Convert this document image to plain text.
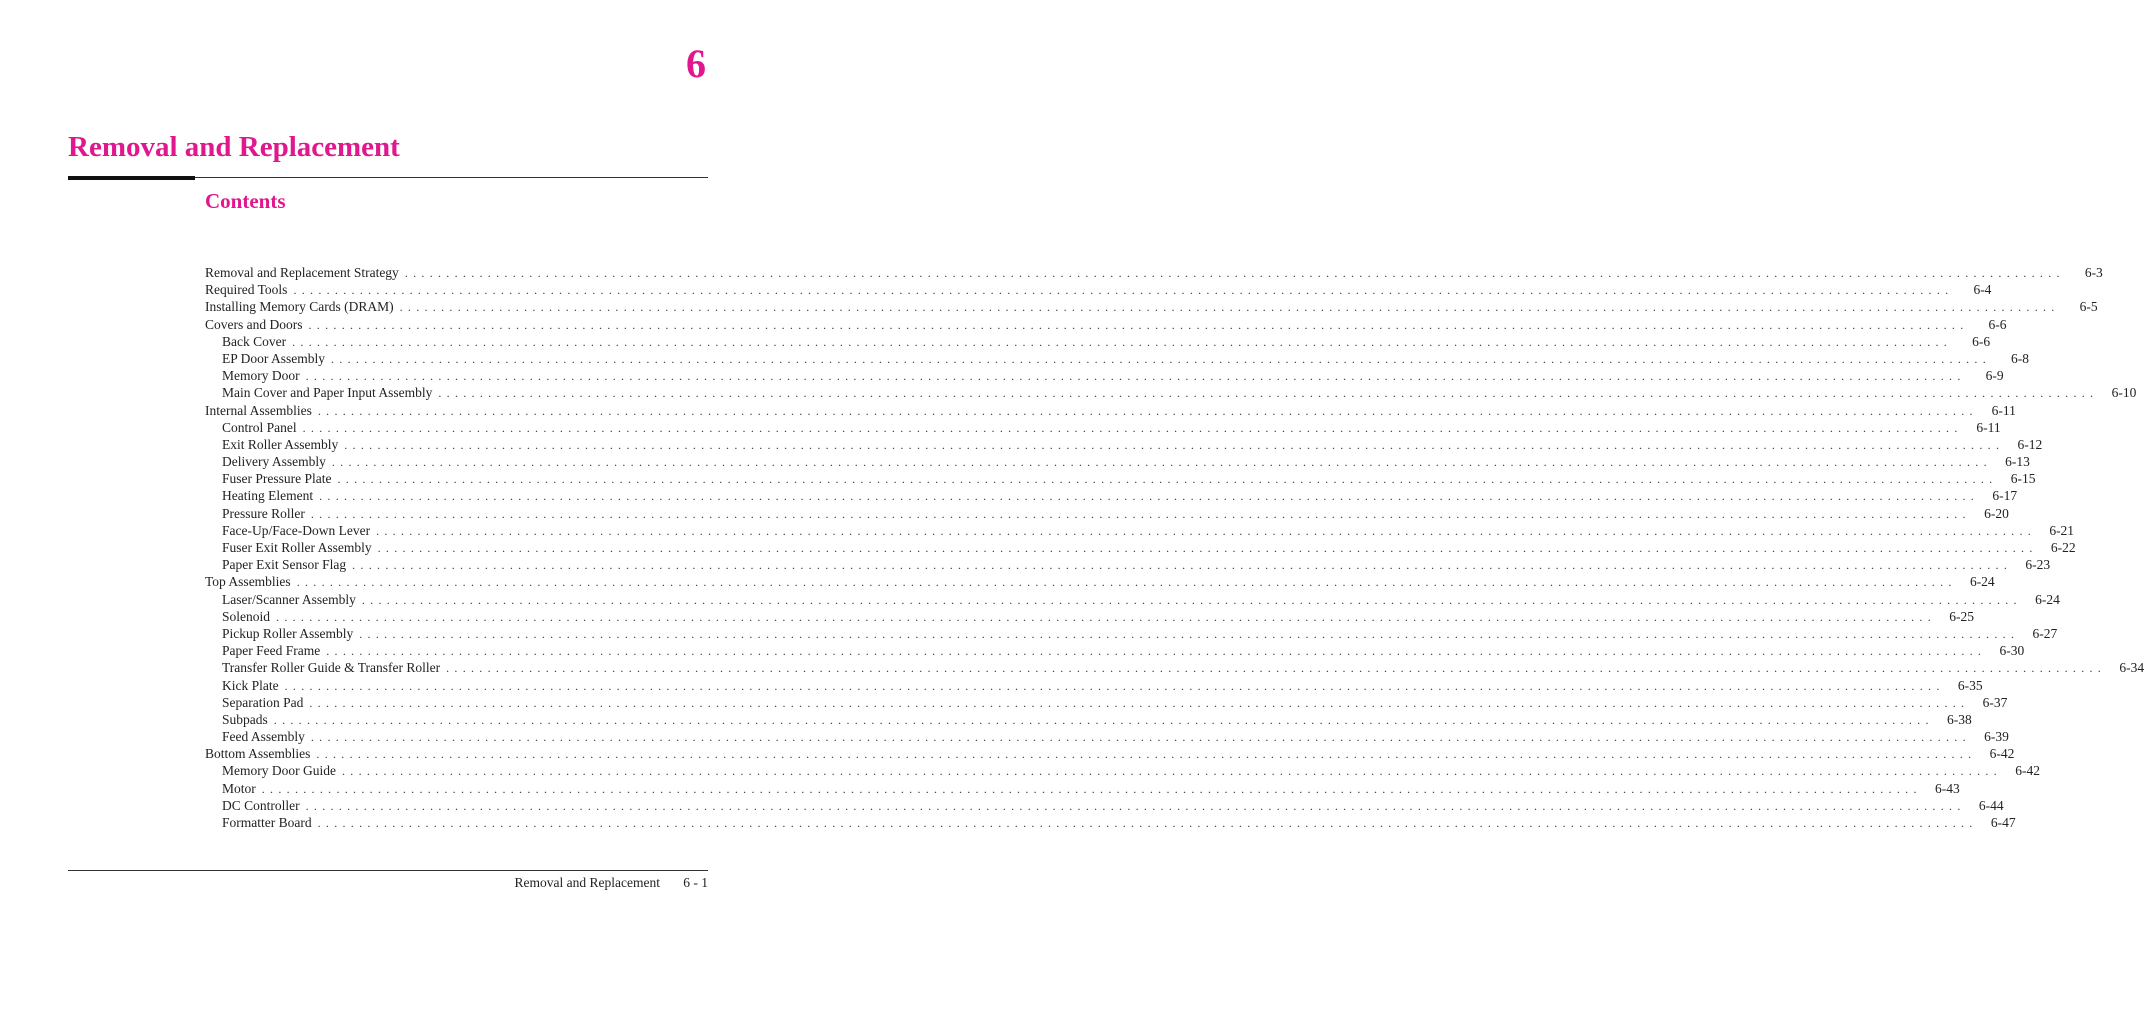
6
Removal and Replacement
Contents
Removal and Replacement Strategy ........................................................................................................................................................................................................	6-3
Required Tools ........................................................................................................................................................................................................	6-4
Installing Memory Cards (DRAM) ........................................................................................................................................................................................................	6-5
Covers and Doors ........................................................................................................................................................................................................	6-6
Back Cover ........................................................................................................................................................................................................	6-6
EP Door Assembly ........................................................................................................................................................................................................	6-8
Memory Door ........................................................................................................................................................................................................	6-9
Main Cover and Paper Input Assembly ........................................................................................................................................................................................................ 6-10
Internal Assemblies ........................................................................................................................................................................................................	6-11
Control Panel ........................................................................................................................................................................................................	6-11
Exit Roller Assembly ........................................................................................................................................................................................................ 6-12
Delivery Assembly ........................................................................................................................................................................................................ 6-13
Fuser Pressure Plate ........................................................................................................................................................................................................ 6-15
Heating Element ........................................................................................................................................................................................................ 6-17
Pressure Roller ........................................................................................................................................................................................................ 6-20
Face-Up/Face-Down Lever ........................................................................................................................................................................................................ 6-21
Fuser Exit Roller Assembly ........................................................................................................................................................................................................ 6-22
Paper Exit Sensor Flag ........................................................................................................................................................................................................ 6-23
Top Assemblies ........................................................................................................................................................................................................ 6-24
Laser/Scanner Assembly ........................................................................................................................................................................................................ 6-24
Solenoid ........................................................................................................................................................................................................ 6-25
Pickup Roller Assembly ........................................................................................................................................................................................................ 6-27
Paper Feed Frame ........................................................................................................................................................................................................ 6-30
Transfer Roller Guide & Transfer Roller ........................................................................................................................................................................................................ 6-34
Kick Plate ........................................................................................................................................................................................................ 6-35
Separation Pad ........................................................................................................................................................................................................ 6-37
Subpads ........................................................................................................................................................................................................ 6-38
Feed Assembly ........................................................................................................................................................................................................ 6-39
Bottom Assemblies ........................................................................................................................................................................................................ 6-42
Memory Door Guide ........................................................................................................................................................................................................ 6-42
Motor ........................................................................................................................................................................................................ 6-43
DC Controller ........................................................................................................................................................................................................ 6-44
Formatter Board ........................................................................................................................................................................................................ 6-47
Removal and Replacement 6 - 1
